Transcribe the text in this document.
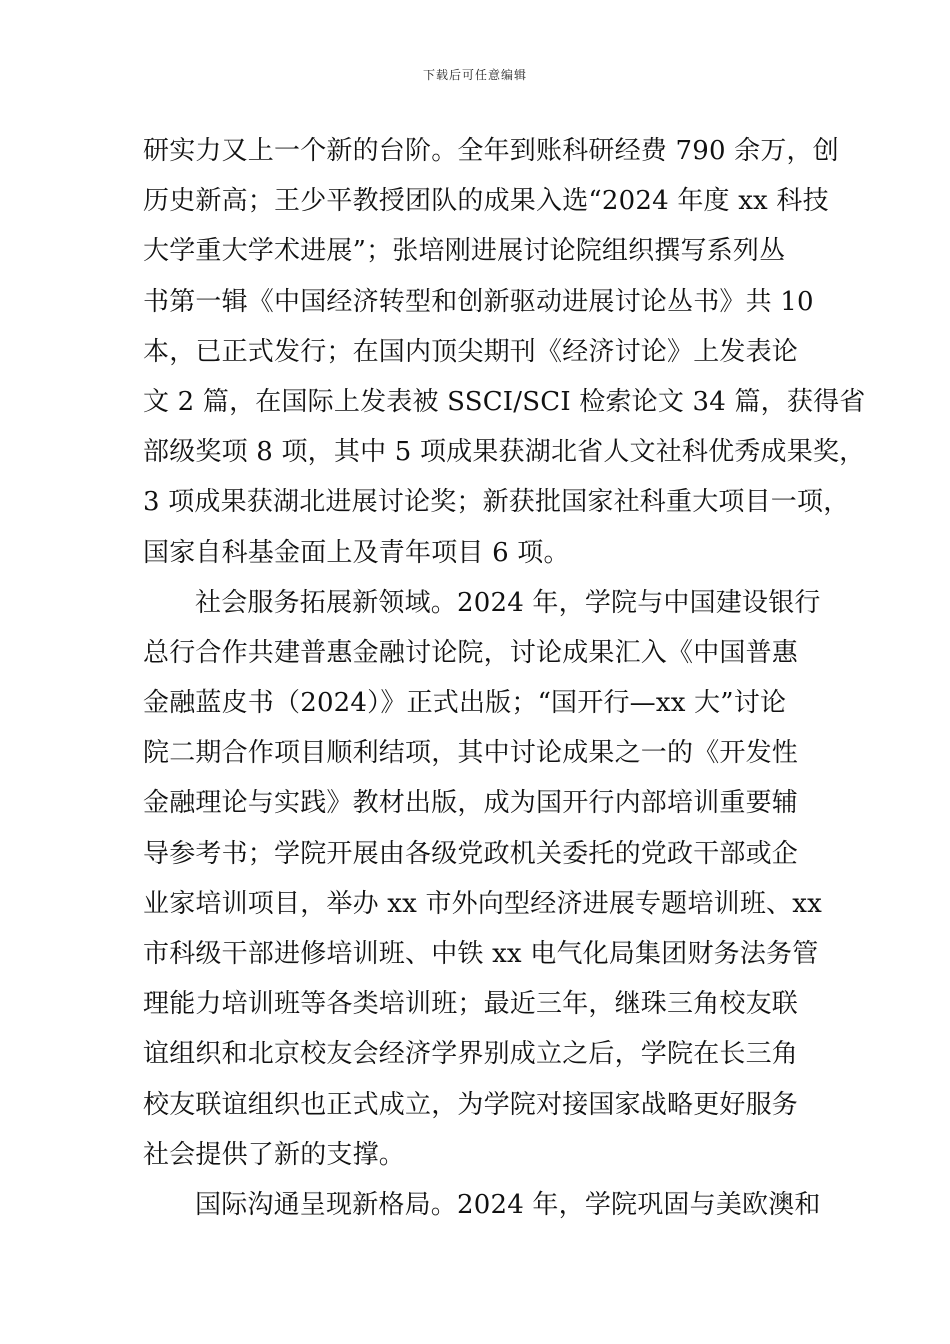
下载后可任意编辑
研实力又上一个新的台阶。全年到账科研经费 790 余万，创
历史新高；王少平教授团队的成果入选“2024 年度 xx 科技
大学重大学术进展”；张培刚进展讨论院组织撰写系列丛
书第一辑《中国经济转型和创新驱动进展讨论丛书》共 10
本，已正式发行；在国内顶尖期刊《经济讨论》上发表论
文 2 篇，在国际上发表被 SSCI/SCI 检索论文 34 篇，获得省
部级奖项 8 项，其中 5 项成果获湖北省人文社科优秀成果奖，
3 项成果获湖北进展讨论奖；新获批国家社科重大项目一项，
国家自科基金面上及青年项目 6 项。
社会服务拓展新领域。2024 年，学院与中国建设银行
总行合作共建普惠金融讨论院，讨论成果汇入《中国普惠
金融蓝皮书（2024）》正式出版；“国开行—xx 大”讨论
院二期合作项目顺利结项，其中讨论成果之一的《开发性
金融理论与实践》教材出版，成为国开行内部培训重要辅
导参考书；学院开展由各级党政机关委托的党政干部或企
业家培训项目，举办 xx 市外向型经济进展专题培训班、xx
市科级干部进修培训班、中铁 xx 电气化局集团财务法务管
理能力培训班等各类培训班；最近三年，继珠三角校友联
谊组织和北京校友会经济学界别成立之后，学院在长三角
校友联谊组织也正式成立，为学院对接国家战略更好服务
社会提供了新的支撑。
国际沟通呈现新格局。2024 年，学院巩固与美欧澳和
